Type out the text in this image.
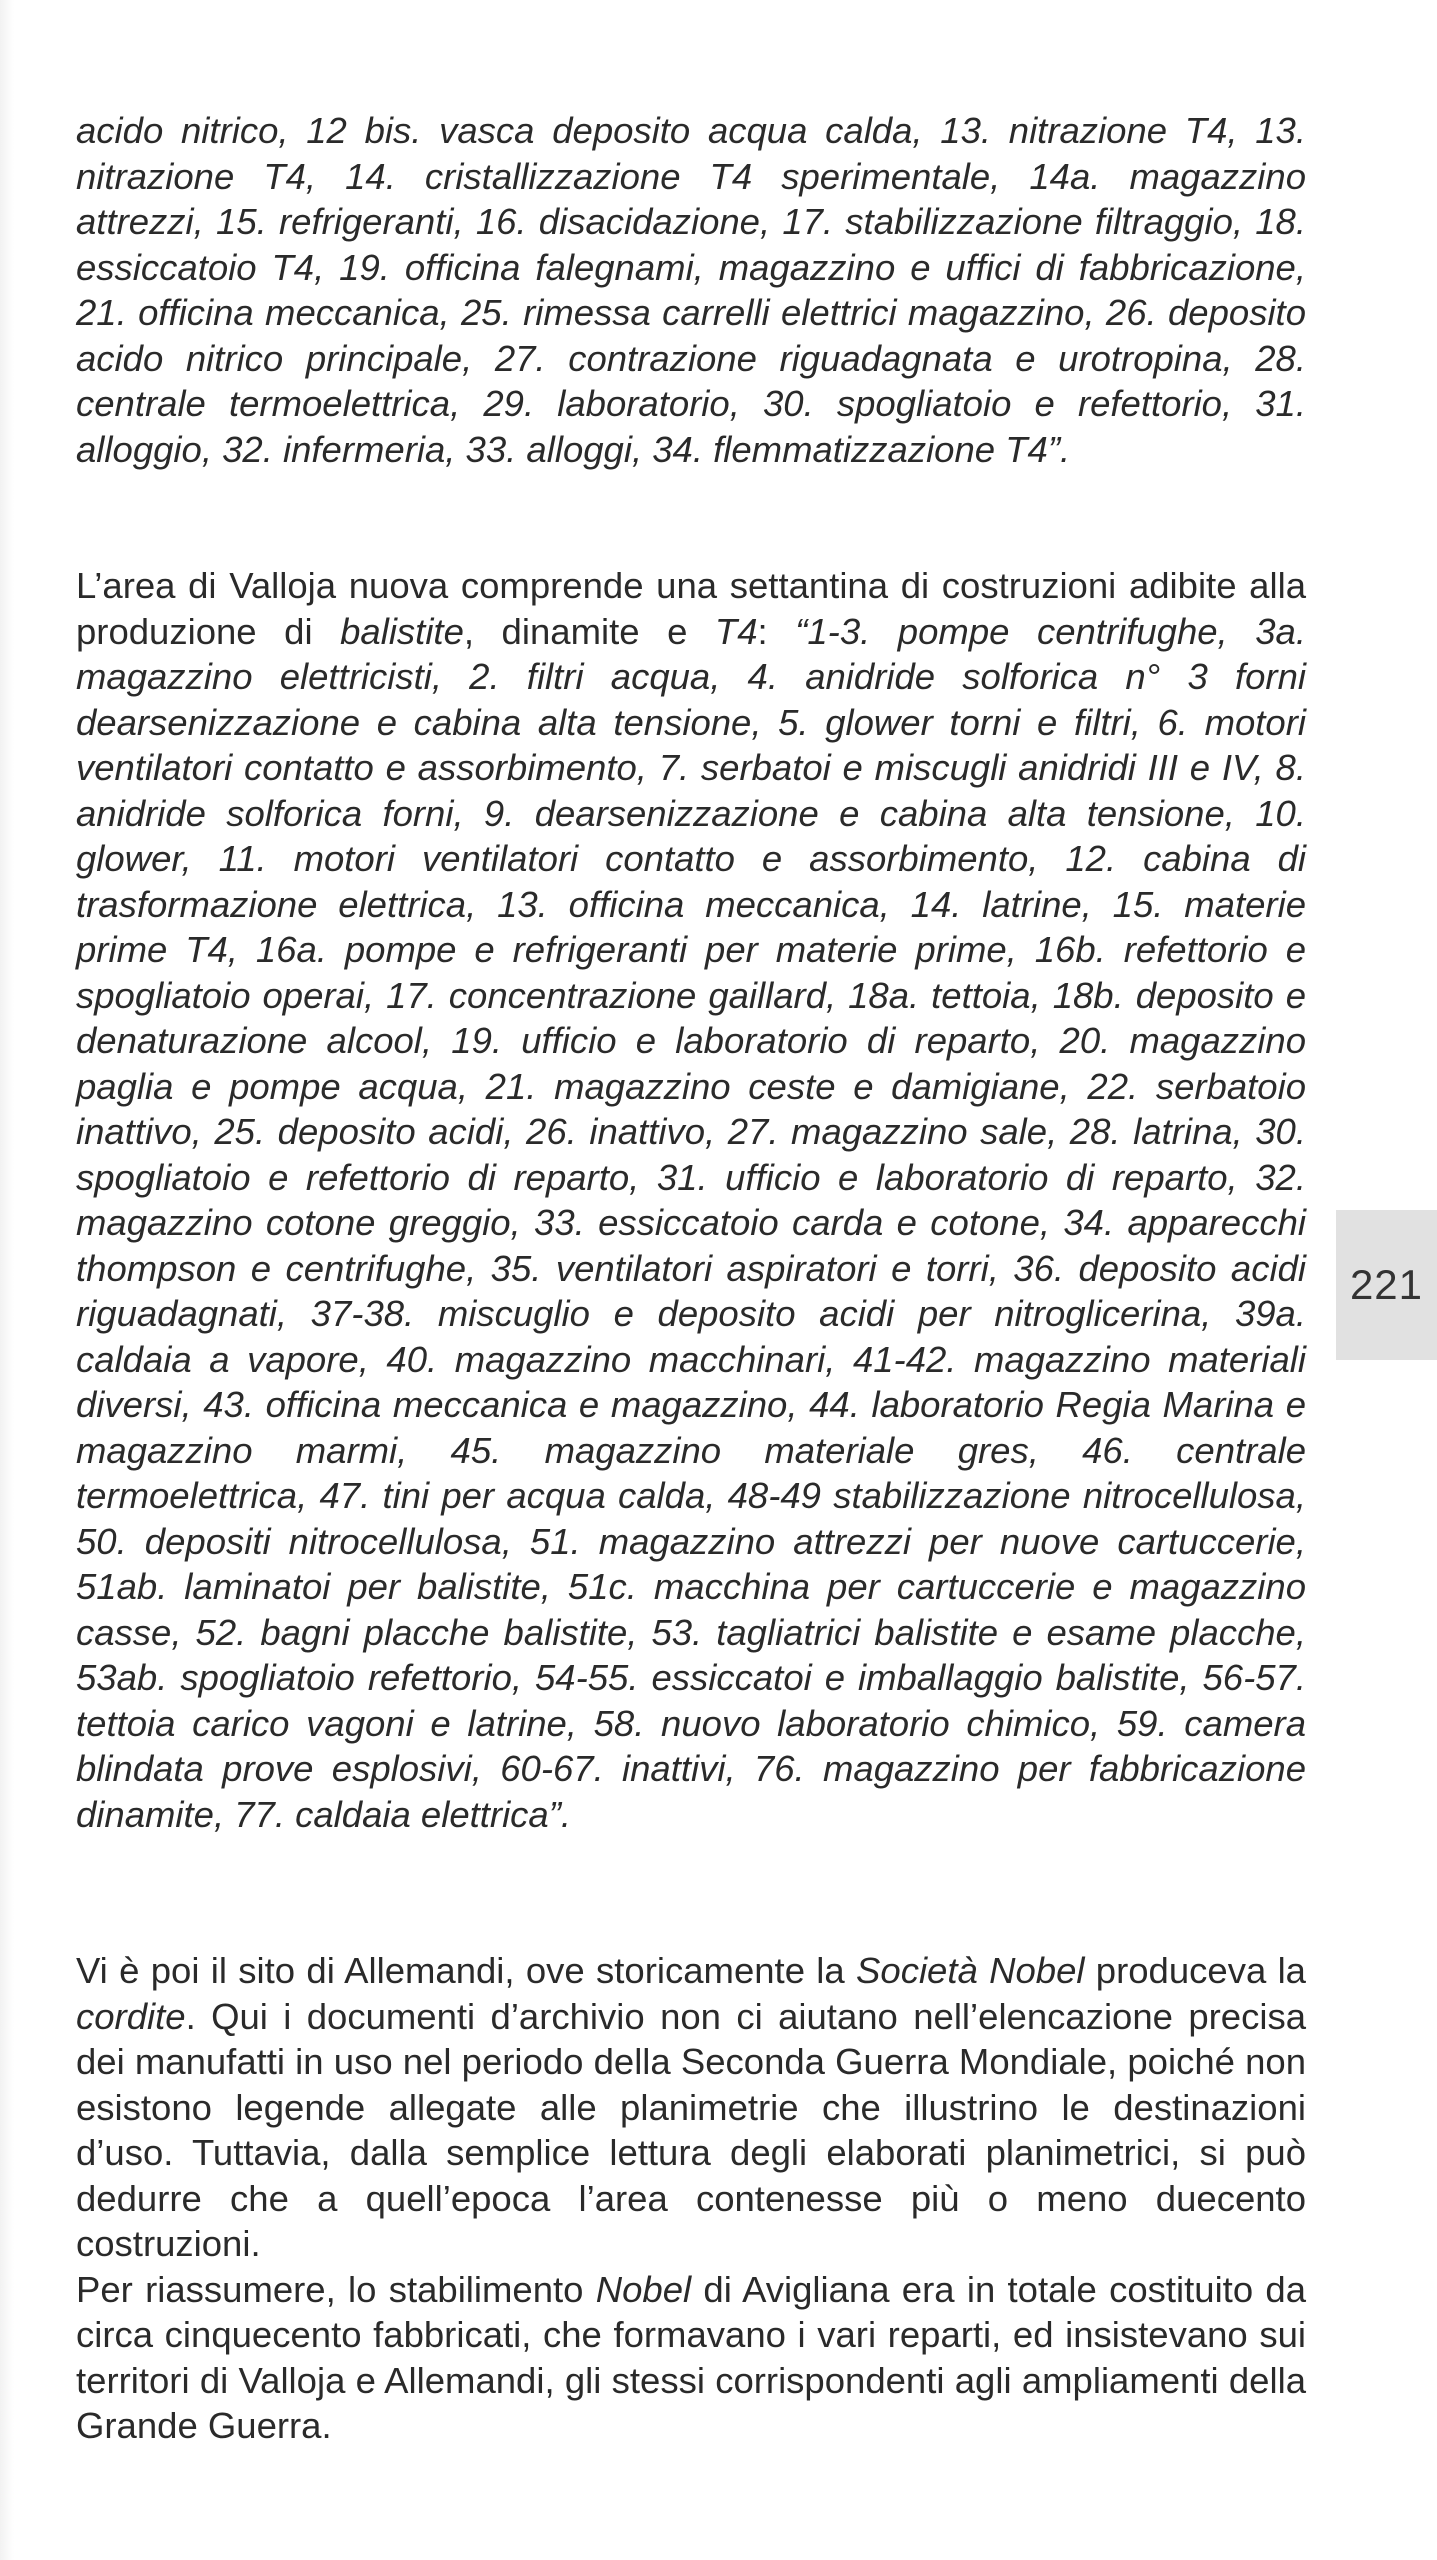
acido nitrico, 12 bis. vasca deposito acqua calda, 13. nitrazione T4, 13. nitrazione T4, 14. cristallizzazione T4 sperimentale, 14a. magazzino attrezzi, 15. refrigeranti, 16. disacidazione, 17. stabilizzazione filtraggio, 18. essiccatoio T4, 19. officina falegnami, magazzino e uffici di fabbricazione, 21. officina meccanica, 25. rimessa carrelli elettrici magazzino, 26. deposito acido nitrico principale, 27. contrazione riguadagnata e urotropina, 28. centrale termoelettrica, 29. laboratorio, 30. spogliatoio e refettorio, 31. alloggio, 32. infermeria, 33. alloggi, 34. flemmatizzazione T4”.

L’area di Valloja nuova comprende una settantina di costruzioni adibite alla produzione di balistite, dinamite e T4: “1-3. pompe centrifughe, 3a. magazzino elettricisti, 2. filtri acqua, 4. anidride solforica n° 3 forni dearsenizzazione e cabina alta tensione, 5. glower torni e filtri, 6. motori ventilatori contatto e assorbimento, 7. serbatoi e miscugli anidridi III e IV, 8. anidride solforica forni, 9. dearsenizzazione e cabina alta tensione, 10. glower, 11. motori ventilatori contatto e assorbimento, 12. cabina di trasformazione elettrica, 13. officina meccanica, 14. latrine, 15. materie prime T4, 16a. pompe e refrigeranti per materie prime, 16b. refettorio e spogliatoio operai, 17. concentrazione gaillard, 18a. tettoia, 18b. deposito e denaturazione alcool, 19. ufficio e laboratorio di reparto, 20. magazzino paglia e pompe acqua, 21. magazzino ceste e damigiane, 22. serbatoio inattivo, 25. deposito acidi, 26. inattivo, 27. magazzino sale, 28. latrina, 30. spogliatoio e refettorio di reparto, 31. ufficio e laboratorio di reparto, 32. magazzino cotone greggio, 33. essiccatoio carda e cotone, 34. apparecchi thompson e centrifughe, 35. ventilatori aspiratori e torri, 36. deposito acidi riguadagnati, 37-38. miscuglio e deposito acidi per nitroglicerina, 39a. caldaia a vapore, 40. magazzino macchinari, 41-42. magazzino materiali diversi, 43. officina meccanica e magazzino, 44. laboratorio Regia Marina e magazzino marmi, 45. magazzino materiale gres, 46. centrale termoelettrica, 47. tini per acqua calda, 48-49 stabilizzazione nitrocellulosa, 50. depositi nitrocellulosa, 51. magazzino attrezzi per nuove cartuccerie, 51ab. laminatoi per balistite, 51c. macchina per cartuccerie e magazzino casse, 52. bagni placche balistite, 53. tagliatrici balistite e esame placche, 53ab. spogliatoio refettorio, 54-55. essiccatoi e imballaggio balistite, 56-57. tettoia carico vagoni e latrine, 58. nuovo laboratorio chimico, 59. camera blindata prove esplosivi, 60-67. inattivi, 76. magazzino per fabbricazione dinamite, 77. caldaia elettrica”.

Vi è poi il sito di Allemandi, ove storicamente la Società Nobel produceva la cordite. Qui i documenti d’archivio non ci aiutano nell’elencazione precisa dei manufatti in uso nel periodo della Seconda Guerra Mondiale, poiché non esistono legende allegate alle planimetrie che illustrino le destinazioni d’uso. Tuttavia, dalla semplice lettura degli elaborati planimetrici, si può dedurre che a quell’epoca l’area contenesse più o meno duecento costruzioni.

Per riassumere, lo stabilimento Nobel di Avigliana era in totale costituito da circa cinquecento fabbricati, che formavano i vari reparti, ed insistevano sui territori di Valloja e Allemandi, gli stessi corrispondenti agli ampliamenti della Grande Guerra.

221
